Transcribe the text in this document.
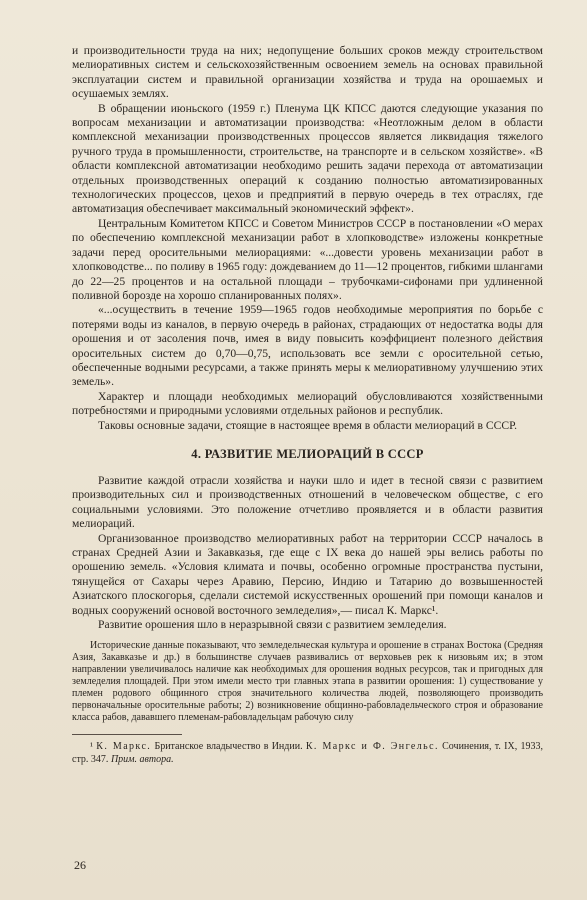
и производительности труда на них; недопущение больших сроков между строительством мелиоративных систем и сельскохозяйственным освоением земель на основах правильной эксплуатации систем и правильной организации хозяйства и труда на орошаемых и осушаемых землях.

В обращении июньского (1959 г.) Пленума ЦК КПСС даются следующие указания по вопросам механизации и автоматизации производства: «Неотложным делом в области комплексной механизации производственных процессов является ликвидация тяжелого ручного труда в промышленности, строительстве, на транспорте и в сельском хозяйстве». «В области комплексной автоматизации необходимо решить задачи перехода от автоматизации отдельных производственных операций к созданию полностью автоматизированных технологических процессов, цехов и предприятий в первую очередь в тех отраслях, где автоматизация обеспечивает максимальный экономический эффект».

Центральным Комитетом КПСС и Советом Министров СССР в постановлении «О мерах по обеспечению комплексной механизации работ в хлопководстве» изложены конкретные задачи перед оросительными мелиорациями: «...довести уровень механизации работ в хлопководстве... по поливу в 1965 году: дождеванием до 11—12 процентов, гибкими шлангами до 22—25 процентов и на остальной площади – трубочками-сифонами при удлиненной поливной бороздe на хорошо спланированных полях».

«...осуществить в течение 1959—1965 годов необходимые мероприятия по борьбе с потерями воды из каналов, в первую очередь в районах, страдающих от недостатка воды для орошения и от засоления почв, имея в виду повысить коэффициент полезного действия оросительных систем до 0,70—0,75, использовать все земли с оросительной сетью, обеспеченные водными ресурсами, а также принять меры к мелиоративному улучшению этих земель».

Характер и площади необходимых мелиораций обусловливаются хозяйственными потребностями и природными условиями отдельных районов и республик.

Таковы основные задачи, стоящие в настоящее время в области мелиораций в СССР.

4. РАЗВИТИЕ МЕЛИОРАЦИЙ В СССР

Развитие каждой отрасли хозяйства и науки шло и идет в тесной связи с развитием производительных сил и производственных отношений в человеческом обществе, с его социальными условиями. Это положение отчетливо проявляется и в области развития мелиораций.

Организованное производство мелиоративных работ на территории СССР началось в странах Средней Азии и Закавказья, где еще с IX века до нашей эры велись работы по орошению земель. «Условия климата и почвы, особенно огромные пространства пустыни, тянущейся от Сахары через Аравию, Персию, Индию и Татарию до возвышенностей Азиатского плоскогорья, сделали системой искусственных орошений при помощи каналов и водных сооружений основой восточного земледелия»,— писал К. Маркс¹.

Развитие орошения шло в неразрывной связи с развитием земледелия.

Исторические данные показывают, что земледельческая культура и орошение в странах Востока (Средняя Азия, Закавказье и др.) в большинстве случаев развивались от верховьев рек к низовьям их; в этом направлении увеличивалось наличие как необходимых для орошения водных ресурсов, так и пригодных для земледелия площадей. При этом имели место три главных этапа в развитии орошения: 1) существование у племен родового общинного строя значительного количества людей, позволяющего производить первоначальные оросительные работы; 2) возникновение общинно-рабовладельческого строя и образование класса рабов, дававшего племенам-рабовладельцам рабочую силу

¹ К. Маркс. Британское владычество в Индии. К. Маркс и Ф. Энгельс. Сочинения, т. IX, 1933, стр. 347. Прим. автора.
26
